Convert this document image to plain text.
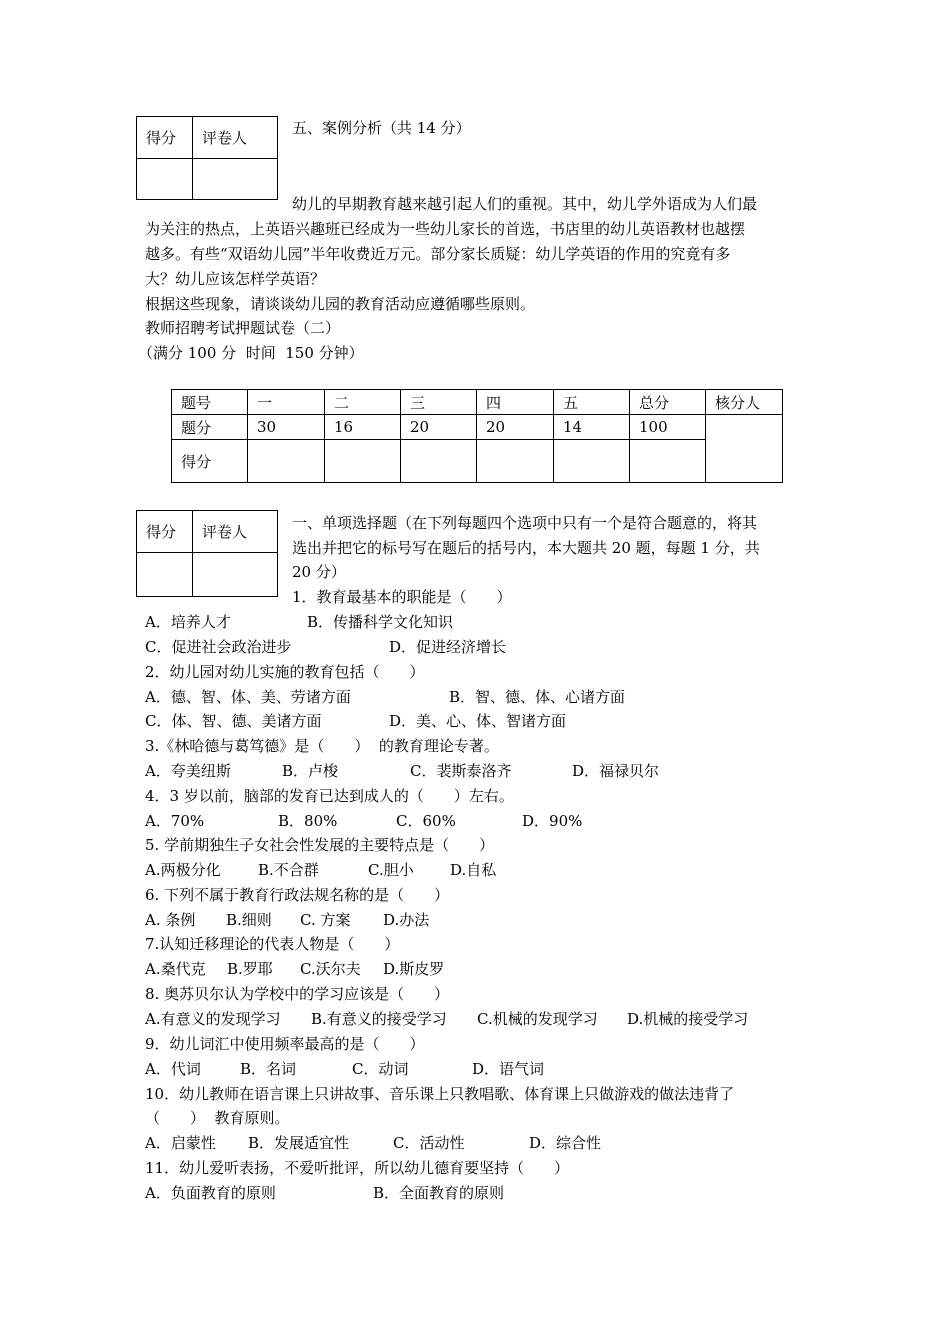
得分	评卷人

五、案例分析（共 14 分）
幼儿的早期教育越来越引起人们的重视。其中，幼儿学外语成为人们最
为关注的热点，上英语兴趣班已经成为一些幼儿家长的首选，书店里的幼儿英语教材也越摆
越多。有些“双语幼儿园”半年收费近万元。部分家长质疑：幼儿学英语的作用的究竟有多
大？幼儿应该怎样学英语？
根据这些现象，请谈谈幼儿园的教育活动应遵循哪些原则。
教师招聘考试押题试卷（二）
（满分 100 分  时间  150 分钟）
题号	一	二	三	四	五	总分	核分人
题分	30	16	20	20	14	100	
得分							
得分	评卷人
		一、单项选择题（在下列每题四个选项中只有一个是符合题意的，将其
选出并把它的标号写在题后的括号内，本大题共 20 题，每题 1 分，共
20 分）
1．教育最基本的职能是（　　）
A．培养人才	B．传播科学文化知识
C．促进社会政治进步	D．促进经济增长
2．幼儿园对幼儿实施的教育包括（　　）
A．德、智、体、美、劳诸方面	B．智、德、体、心诸方面
C．体、智、德、美诸方面	D．美、心、体、智诸方面
3.《林哈德与葛笃德》是（　　）  的教育理论专著。
A．夸美纽斯	B．卢梭	C．裴斯泰洛齐	D．福禄贝尔
4．3 岁以前，脑部的发育已达到成人的（　　）左右。
A．70%	B．80%	C．60%	D．90%
5. 学前期独生子女社会性发展的主要特点是（　　）
A.两极分化 B.不合群	C.胆小 D.自私
6. 下列不属于教育行政法规名称的是（　　）
A. 条例 B.细则 C. 方案 D.办法
7.认知迁移理论的代表人物是（　　）
A.桑代克 B.罗耶 C.沃尔夫 D.斯皮罗
8. 奥苏贝尔认为学校中的学习应该是（　　）
A.有意义的发现学习 B.有意义的接受学习 C.机械的发现学习 D.机械的接受学习
9．幼儿词汇中使用频率最高的是（　　）
A．代词	B．名词	C．动词	D．语气词
10．幼儿教师在语言课上只讲故事、音乐课上只教唱歌、体育课上只做游戏的做法违背了
（　　）  教育原则。
A．启蒙性 B．发展适宜性	C．活动性	D．综合性
11．幼儿爱听表扬，不爱听批评，所以幼儿德育要坚持（　　）
A．负面教育的原则	B．全面教育的原则
